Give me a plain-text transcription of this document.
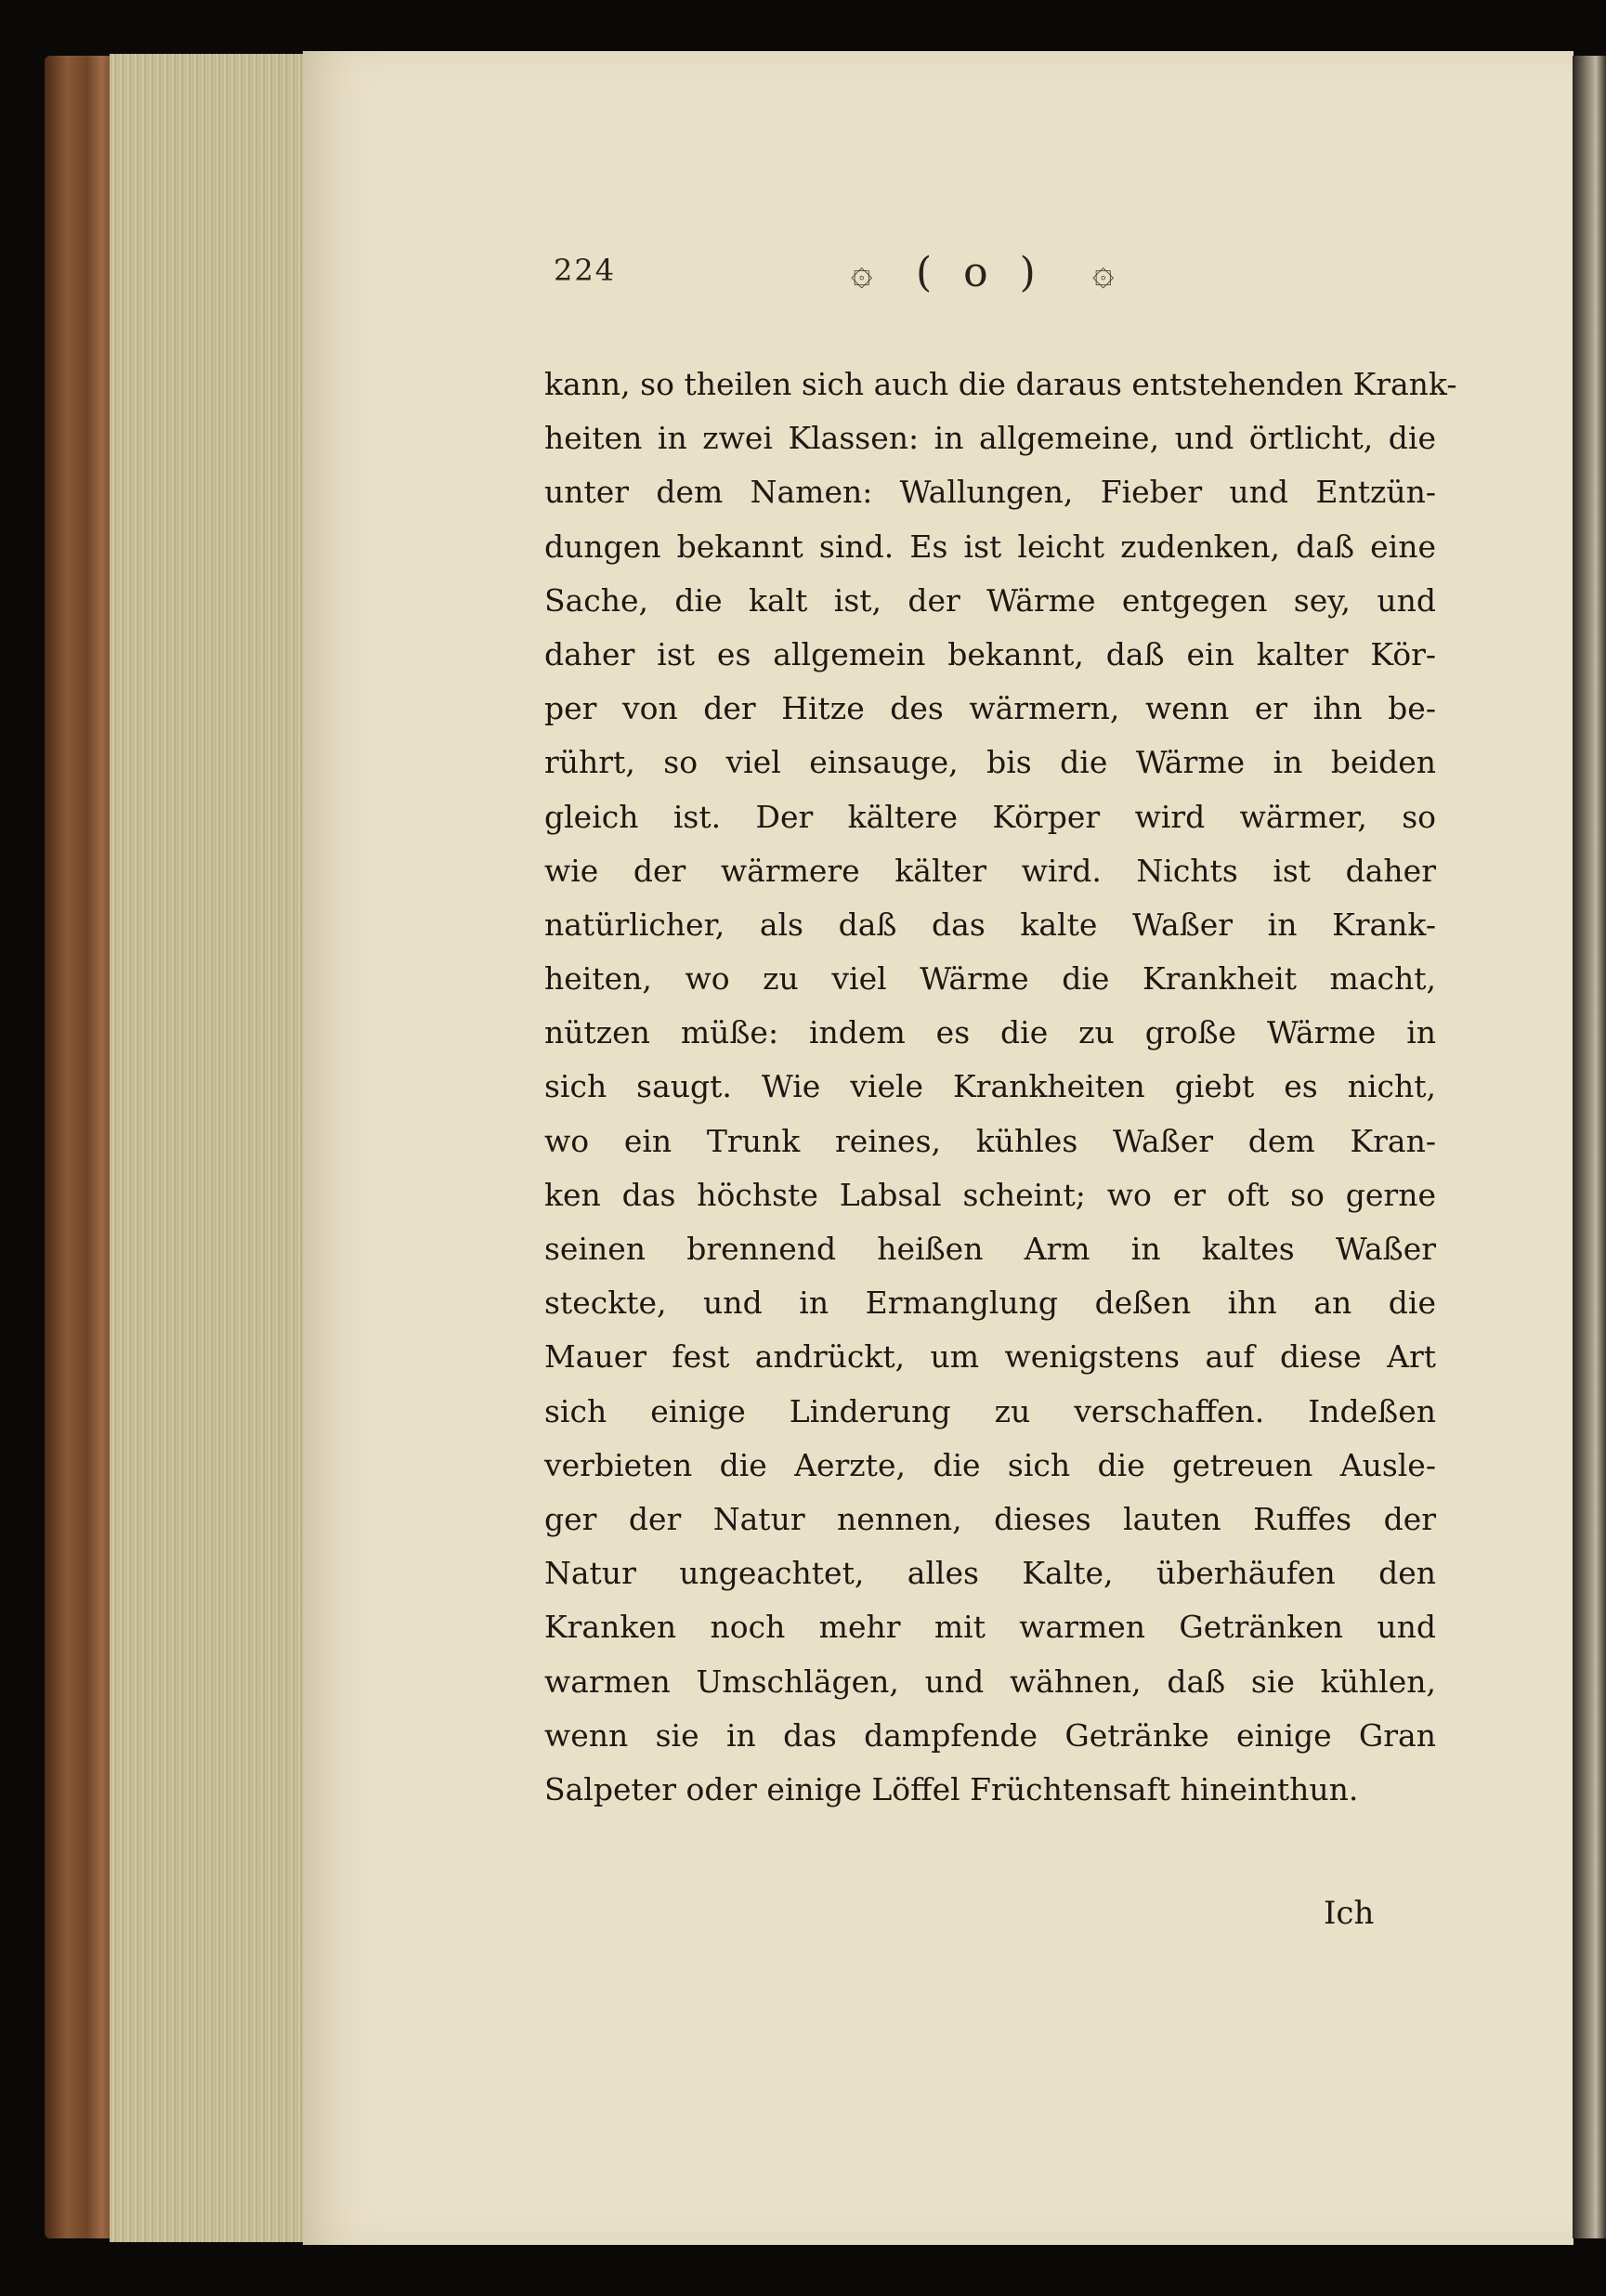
224	۞ ( o ) ۞
kann, so theilen sich auch die daraus entstehenden Krank-
heiten in zwei Klassen: in allgemeine, und örtlicht, die
unter dem Namen: Wallungen, Fieber und Entzün-
dungen bekannt sind. Es ist leicht zudenken, daß eine
Sache, die kalt ist, der Wärme entgegen sey, und
daher ist es allgemein bekannt, daß ein kalter Kör-
per von der Hitze des wärmern, wenn er ihn be-
rührt, so viel einsauge, bis die Wärme in beiden
gleich ist. Der kältere Körper wird wärmer, so
wie der wärmere kälter wird. Nichts ist daher
natürlicher, als daß das kalte Waßer in Krank-
heiten, wo zu viel Wärme die Krankheit macht,
nützen müße: indem es die zu große Wärme in
sich saugt. Wie viele Krankheiten giebt es nicht,
wo ein Trunk reines, kühles Waßer dem Kran-
ken das höchste Labsal scheint; wo er oft so gerne
seinen brennend heißen Arm in kaltes Waßer
steckte, und in Ermanglung deßen ihn an die
Mauer fest andrückt, um wenigstens auf diese Art
sich einige Linderung zu verschaffen. Indeßen
verbieten die Aerzte, die sich die getreuen Ausle-
ger der Natur nennen, dieses lauten Ruffes der
Natur ungeachtet, alles Kalte, überhäufen den
Kranken noch mehr mit warmen Getränken und
warmen Umschlägen, und wähnen, daß sie kühlen,
wenn sie in das dampfende Getränke einige Gran
Salpeter oder einige Löffel Früchtensaft hineinthun.
Ich
